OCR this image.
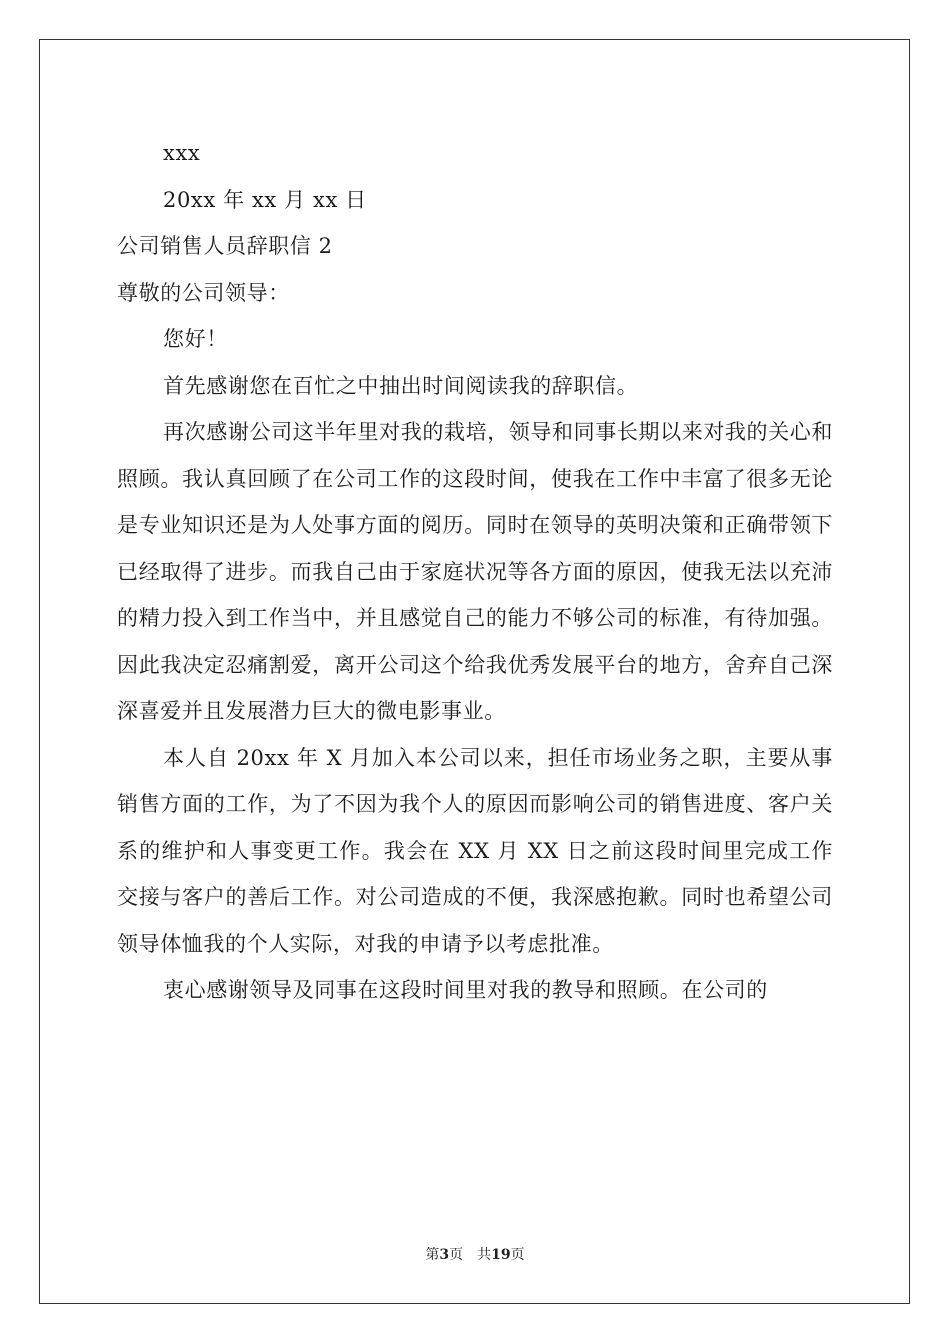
xxx
20xx 年 xx 月 xx 日
公司销售人员辞职信 2
尊敬的公司领导：
您好！

首先感谢您在百忙之中抽出时间阅读我的辞职信。

再次感谢公司这半年里对我的栽培，领导和同事长期以来对我的关心和照顾。我认真回顾了在公司工作的这段时间，使我在工作中丰富了很多无论是专业知识还是为人处事方面的阅历。同时在领导的英明决策和正确带领下已经取得了进步。而我自己由于家庭状况等各方面的原因，使我无法以充沛的精力投入到工作当中，并且感觉自己的能力不够公司的标准，有待加强。因此我决定忍痛割爱，离开公司这个给我优秀发展平台的地方，舍弃自己深深喜爱并且发展潜力巨大的微电影事业。

本人自 20xx 年 X 月加入本公司以来，担任市场业务之职，主要从事销售方面的工作，为了不因为我个人的原因而影响公司的销售进度、客户关系的维护和人事变更工作。我会在 XX 月 XX 日之前这段时间里完成工作交接与客户的善后工作。对公司造成的不便，我深感抱歉。同时也希望公司领导体恤我的个人实际，对我的申请予以考虑批准。

衷心感谢领导及同事在这段时间里对我的教导和照顾。在公司的

第3页 共19页
